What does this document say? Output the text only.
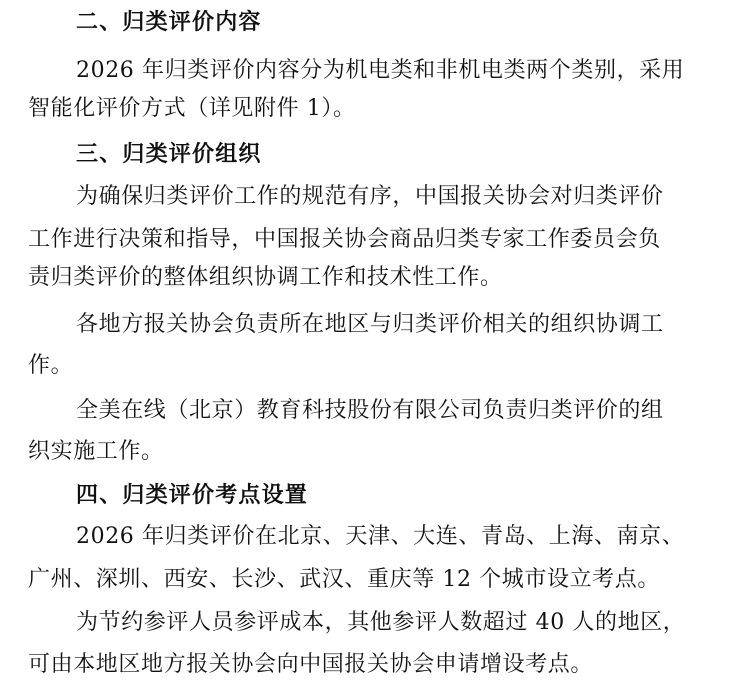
二、归类评价内容
2026 年归类评价内容分为机电类和非机电类两个类别，采用
智能化评价方式（详见附件 1）。
三、归类评价组织
为确保归类评价工作的规范有序，中国报关协会对归类评价
工作进行决策和指导，中国报关协会商品归类专家工作委员会负
责归类评价的整体组织协调工作和技术性工作。
各地方报关协会负责所在地区与归类评价相关的组织协调工
作。
全美在线（北京）教育科技股份有限公司负责归类评价的组
织实施工作。
四、归类评价考点设置
2026 年归类评价在北京、天津、大连、青岛、上海、南京、
广州、深圳、西安、长沙、武汉、重庆等 12 个城市设立考点。
为节约参评人员参评成本，其他参评人数超过 40 人的地区，
可由本地区地方报关协会向中国报关协会申请增设考点。
